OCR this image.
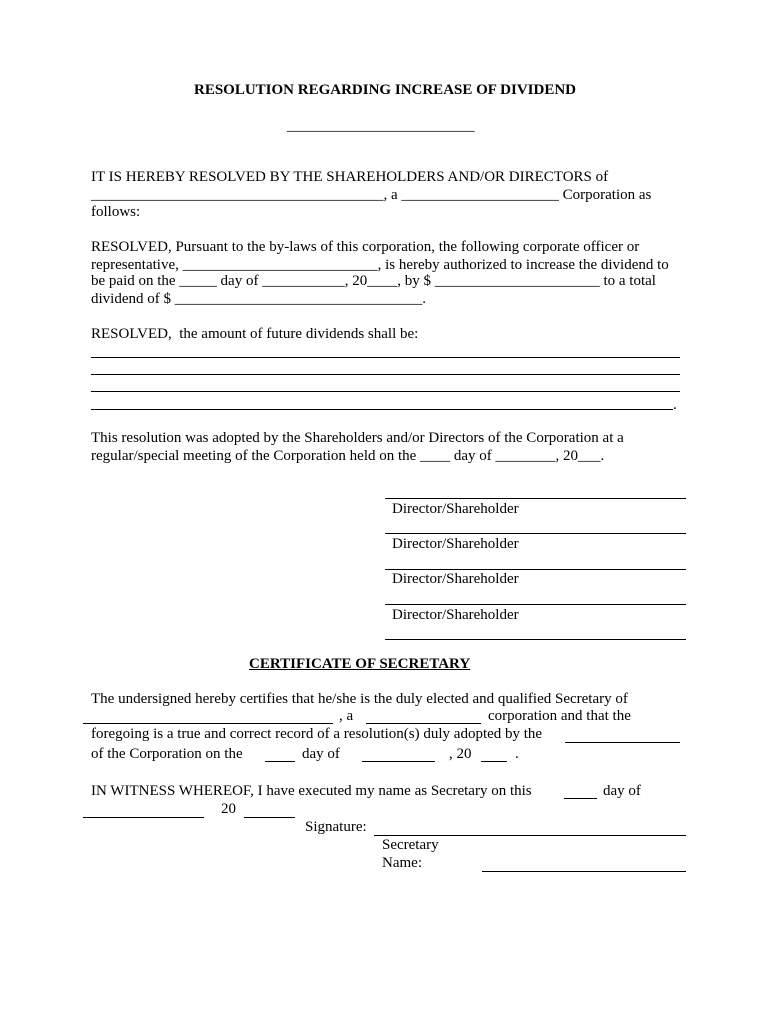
RESOLUTION REGARDING INCREASE OF DIVIDEND
_________________________
IT IS HEREBY RESOLVED BY THE SHAREHOLDERS AND/OR DIRECTORS of
_______________________________________, a _____________________ Corporation as
follows:
RESOLVED, Pursuant to the by-laws of this corporation, the following corporate officer or
representative, __________________________, is hereby authorized to increase the dividend to
be paid on the _____ day of ___________, 20____, by $ ______________________ to a total
dividend of $ _________________________________.
RESOLVED,  the amount of future dividends shall be:
.
This resolution was adopted by the Shareholders and/or Directors of the Corporation at a
regular/special meeting of the Corporation held on the ____ day of ________, 20___.
Director/Shareholder
Director/Shareholder
Director/Shareholder
Director/Shareholder
CERTIFICATE OF SECRETARY
The undersigned hereby certifies that he/she is the duly elected and qualified Secretary of
, a	corporation and that the
foregoing is a true and correct record of a resolution(s) duly adopted by the
of the Corporation on the	day of	, 20	.
IN WITNESS WHEREOF, I have executed my name as Secretary on this	day of
20
Signature:
Secretary
Name:
